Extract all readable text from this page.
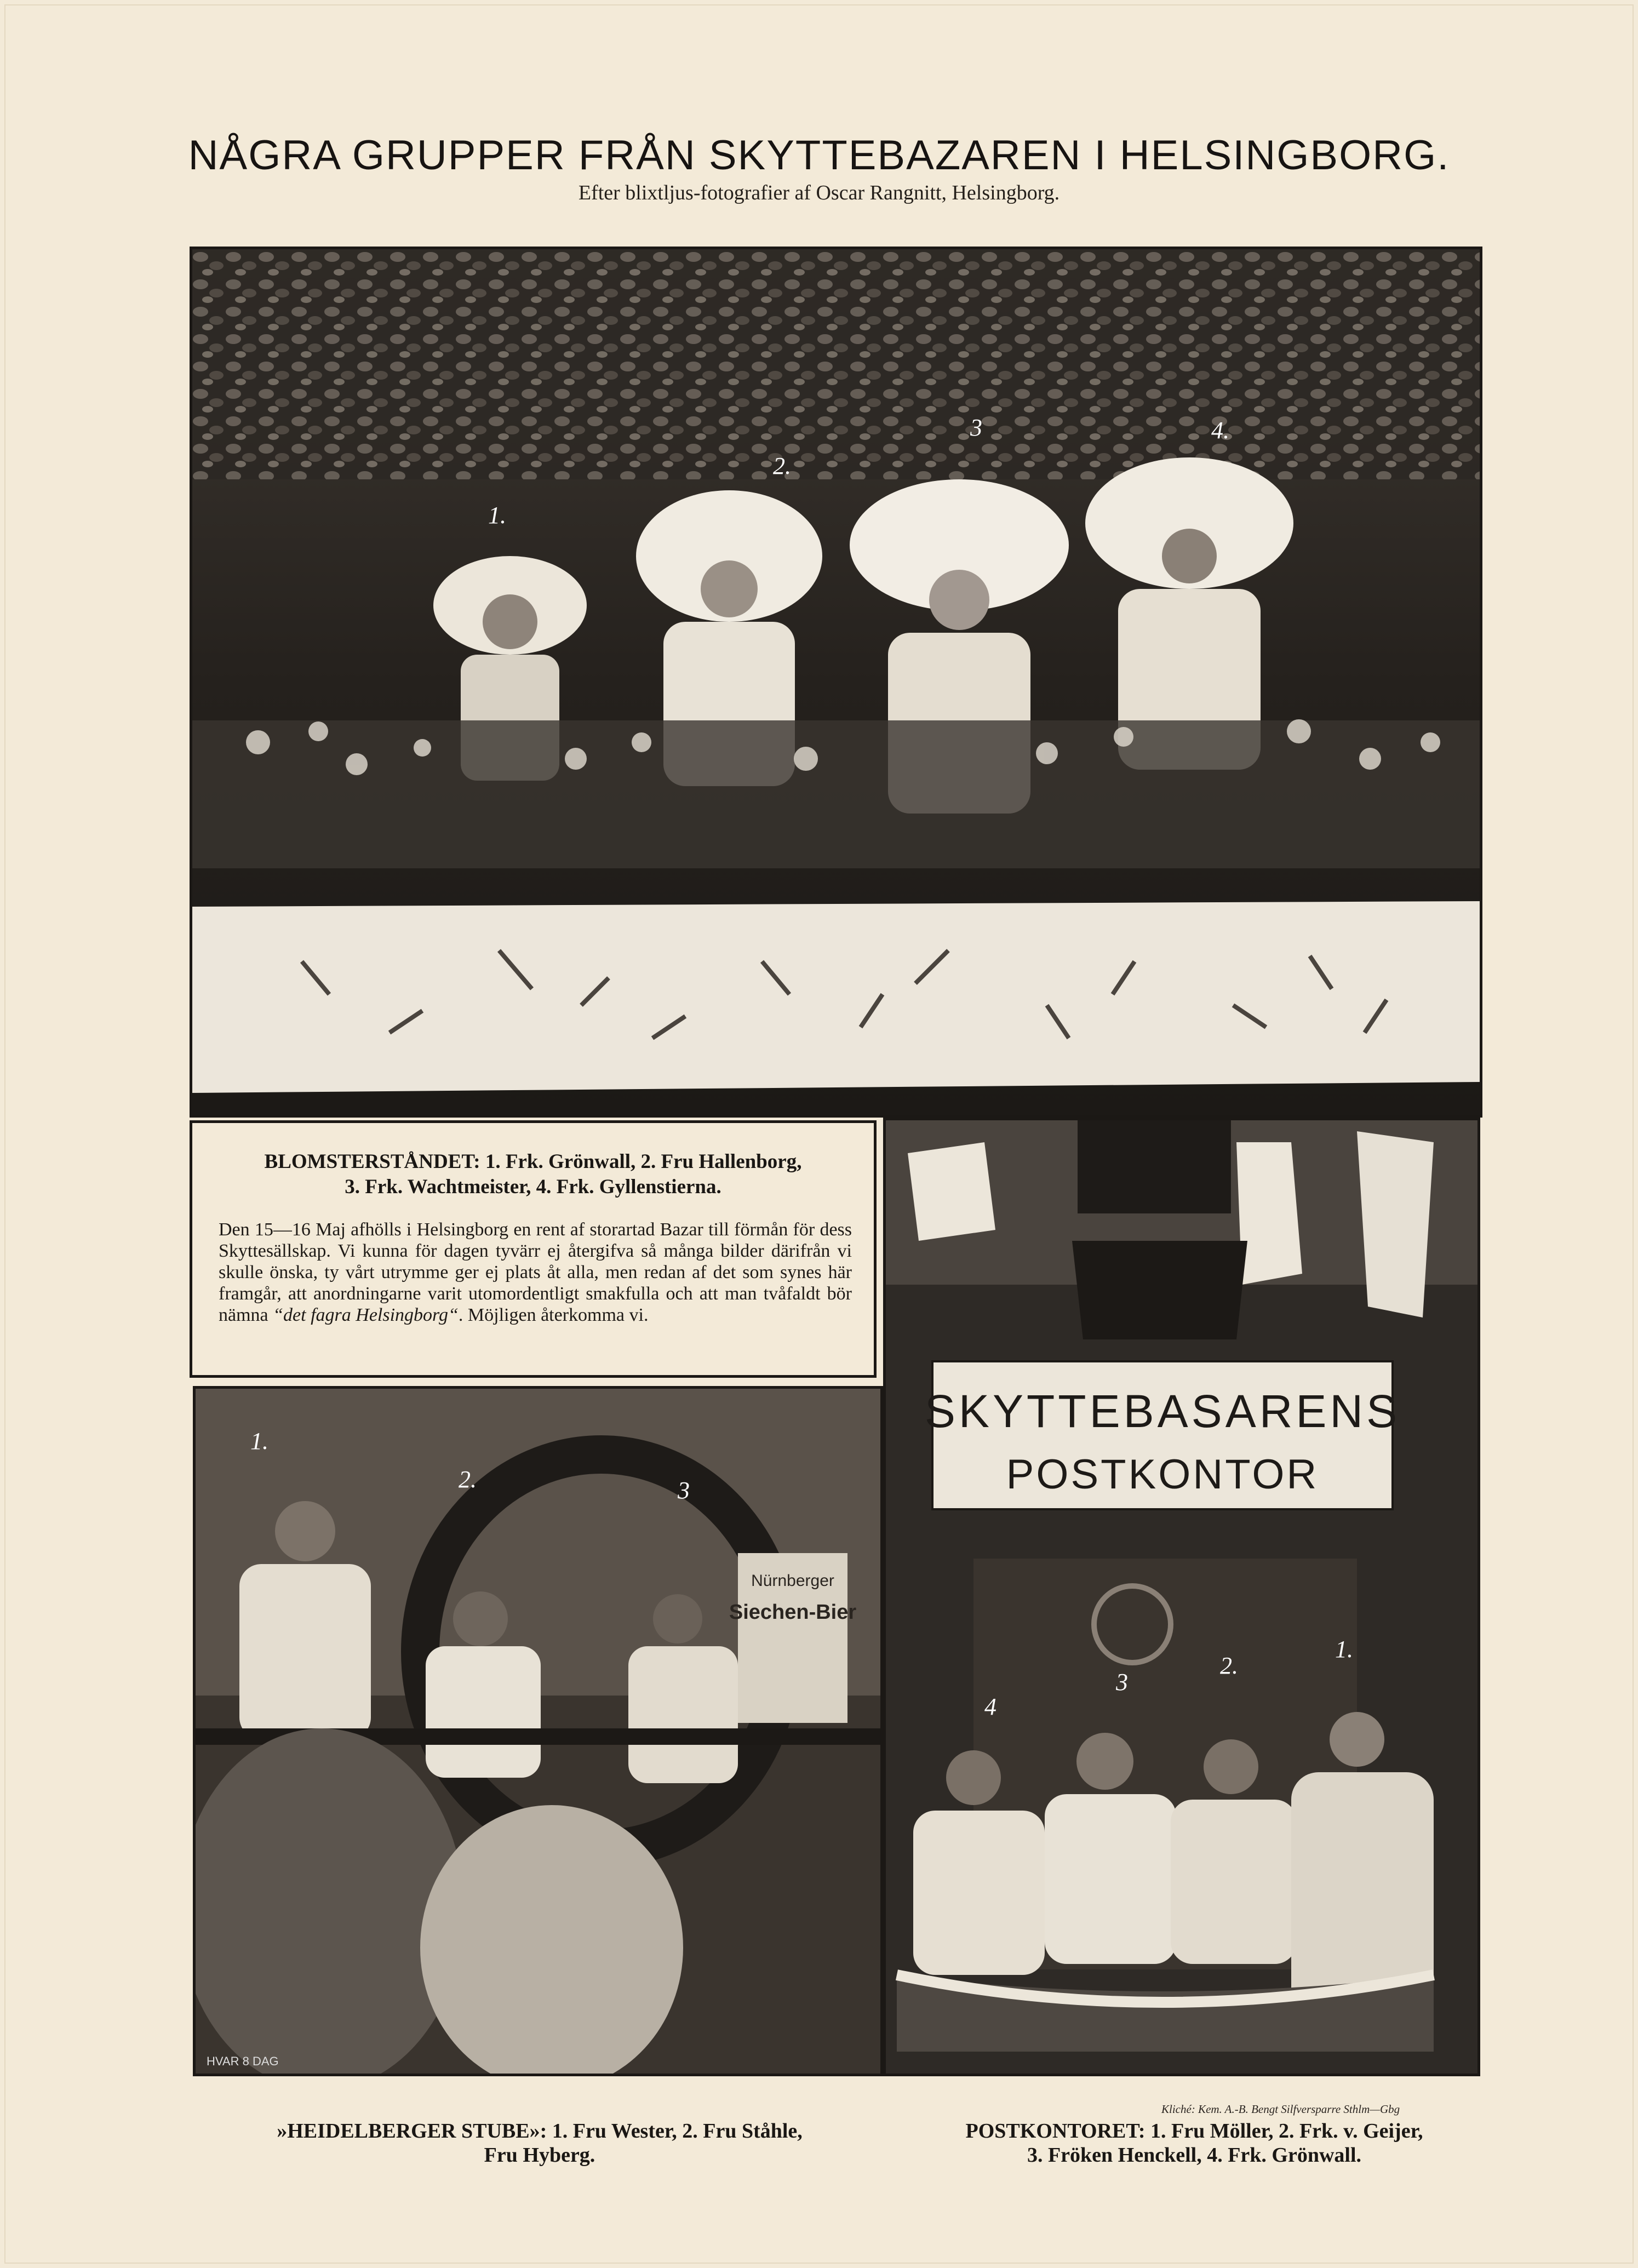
NÅGRA GRUPPER FRÅN SKYTTEBAZAREN I HELSINGBORG.
Efter blixtljus-fotografier af Oscar Rangnitt, Helsingborg.
1.
2.
3	4.
BLOMSTERSTÅNDET: 1. Frk. Grönwall, 2. Fru Hallenborg,
3. Frk. Wachtmeister, 4. Frk. Gyllenstierna.
Den 15—16 Maj afhölls i Helsingborg en rent af storartad Bazar till förmån för dess Skyttesällskap. Vi kunna för dagen tyvärr ej återgifva så många bilder därifrån vi skulle önska, ty vårt utrymme ger ej plats åt alla, men redan af det som synes här framgår, att anordningarne varit utomordentligt smakfulla och att man tvåfaldt bör nämna “det fagra Helsingborg“. Möjligen återkomma vi.
Nürnberger
Siechen-Bier
HVAR 8 DAG
1.
2.	3
SKYTTEBASARENS
POSTKONTOR
1.
2.
3
4
Kliché: Kem. A.-B. Bengt Silfversparre Sthlm—Gbg
»HEIDELBERGER STUBE»: 1. Fru Wester, 2. Fru Ståhle,
Fru Hyberg.
POSTKONTORET: 1. Fru Möller, 2. Frk. v. Geijer,
3. Fröken Henckell, 4. Frk. Grönwall.
